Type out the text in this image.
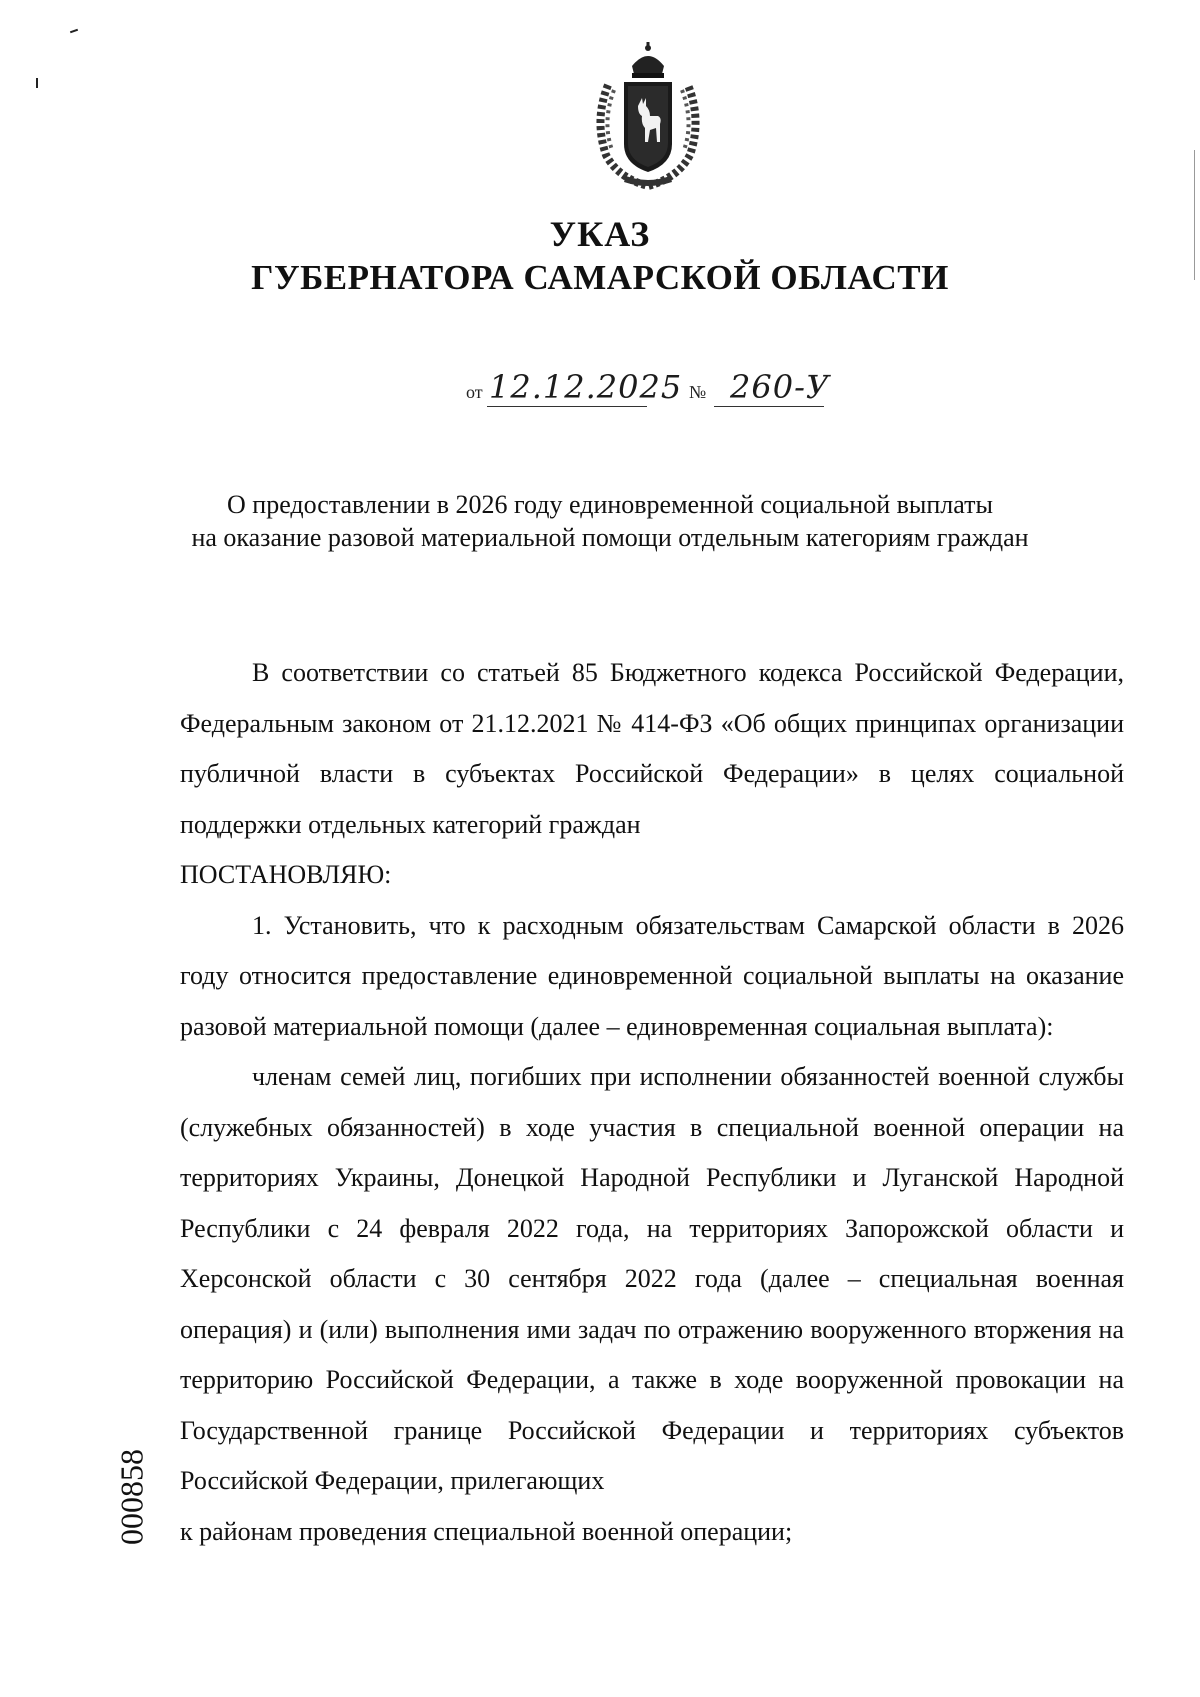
УКАЗ
ГУБЕРНАТОРА САМАРСКОЙ ОБЛАСТИ
от 12.12.2025 № 260-У
О предоставлении в 2026 году единовременной социальной выплаты
на оказание разовой материальной помощи отдельным категориям граждан

В соответствии со статьей 85 Бюджетного кодекса Российской Федерации, Федеральным законом от 21.12.2021 № 414-ФЗ «Об общих принципах организации публичной власти в субъектах Российской Федерации» в целях социальной поддержки отдельных категорий граждан

ПОСТАНОВЛЯЮ:

1. Установить, что к расходным обязательствам Самарской области в 2026 году относится предоставление единовременной социальной выплаты на оказание разовой материальной помощи (далее – единовременная социальная выплата):

членам семей лиц, погибших при исполнении обязанностей военной службы (служебных обязанностей) в ходе участия в специальной военной операции на территориях Украины, Донецкой Народной Республики и Луганской Народной Республики с 24 февраля 2022 года, на территориях Запорожской области и Херсонской области с 30 сентября 2022 года (далее – специальная военная операция) и (или) выполнения ими задач по отражению вооруженного вторжения на территорию Российской Федерации, а также в ходе вооруженной провокации на Государственной границе Российской Федерации и территориях субъектов Российской Федерации, прилегающих

к районам проведения специальной военной операции;

000858
